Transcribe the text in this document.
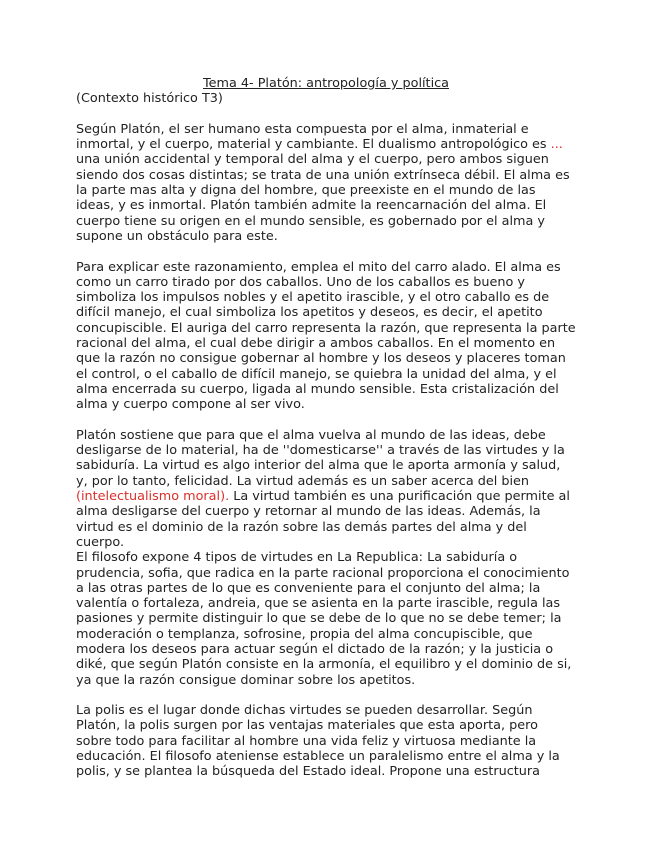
Tema 4- Platón: antropología y política
(Contexto histórico T3)
Según Platón, el ser humano esta compuesta por el alma, inmaterial e inmortal, y el cuerpo, material y cambiante. El dualismo antropológico es ... una unión accidental y temporal del alma y el cuerpo, pero ambos siguen siendo dos cosas distintas; se trata de una unión extrínseca débil. El alma es la parte mas alta y digna del hombre, que preexiste en el mundo de las ideas, y es inmortal. Platón también admite la reencarnación del alma. El cuerpo tiene su origen en el mundo sensible, es gobernado por el alma y supone un obstáculo para este.
Para explicar este razonamiento, emplea el mito del carro alado. El alma es como un carro tirado por dos caballos. Uno de los caballos es bueno y simboliza los impulsos nobles y el apetito irascible, y el otro caballo es de difícil manejo, el cual simboliza los apetitos y deseos, es decir, el apetito concupiscible. El auriga del carro representa la razón, que representa la parte racional del alma, el cual debe dirigir a ambos caballos. En el momento en que la razón no consigue gobernar al hombre y los deseos y placeres toman el control, o el caballo de difícil manejo, se quiebra la unidad del alma, y el alma encerrada su cuerpo, ligada al mundo sensible. Esta cristalización del alma y cuerpo compone al ser vivo.
Platón sostiene que para que el alma vuelva al mundo de las ideas, debe desligarse de lo material, ha de ''domesticarse'' a través de las virtudes y la sabiduría. La virtud es algo interior del alma que le aporta armonía y salud, y, por lo tanto, felicidad. La virtud además es un saber acerca del bien (intelectualismo moral). La virtud también es una purificación que permite al alma desligarse del cuerpo y retornar al mundo de las ideas. Además, la virtud es el dominio de la razón sobre las demás partes del alma y del cuerpo.
El filosofo expone 4 tipos de virtudes en La Republica: La sabiduría o prudencia, sofia, que radica en la parte racional proporciona el conocimiento a las otras partes de lo que es conveniente para el conjunto del alma; la valentía o fortaleza, andreia, que se asienta en la parte irascible, regula las pasiones y permite distinguir lo que se debe de lo que no se debe temer; la moderación o templanza, sofrosine, propia del alma concupiscible, que modera los deseos para actuar según el dictado de la razón; y la justicia o diké, que según Platón consiste en la armonía, el equilibro y el dominio de si, ya que la razón consigue dominar sobre los apetitos.
La polis es el lugar donde dichas virtudes se pueden desarrollar. Según Platón, la polis surgen por las ventajas materiales que esta aporta, pero sobre todo para facilitar al hombre una vida feliz y virtuosa mediante la educación. El filosofo ateniense establece un paralelismo entre el alma y la polis, y se plantea la búsqueda del Estado ideal. Propone una estructura
